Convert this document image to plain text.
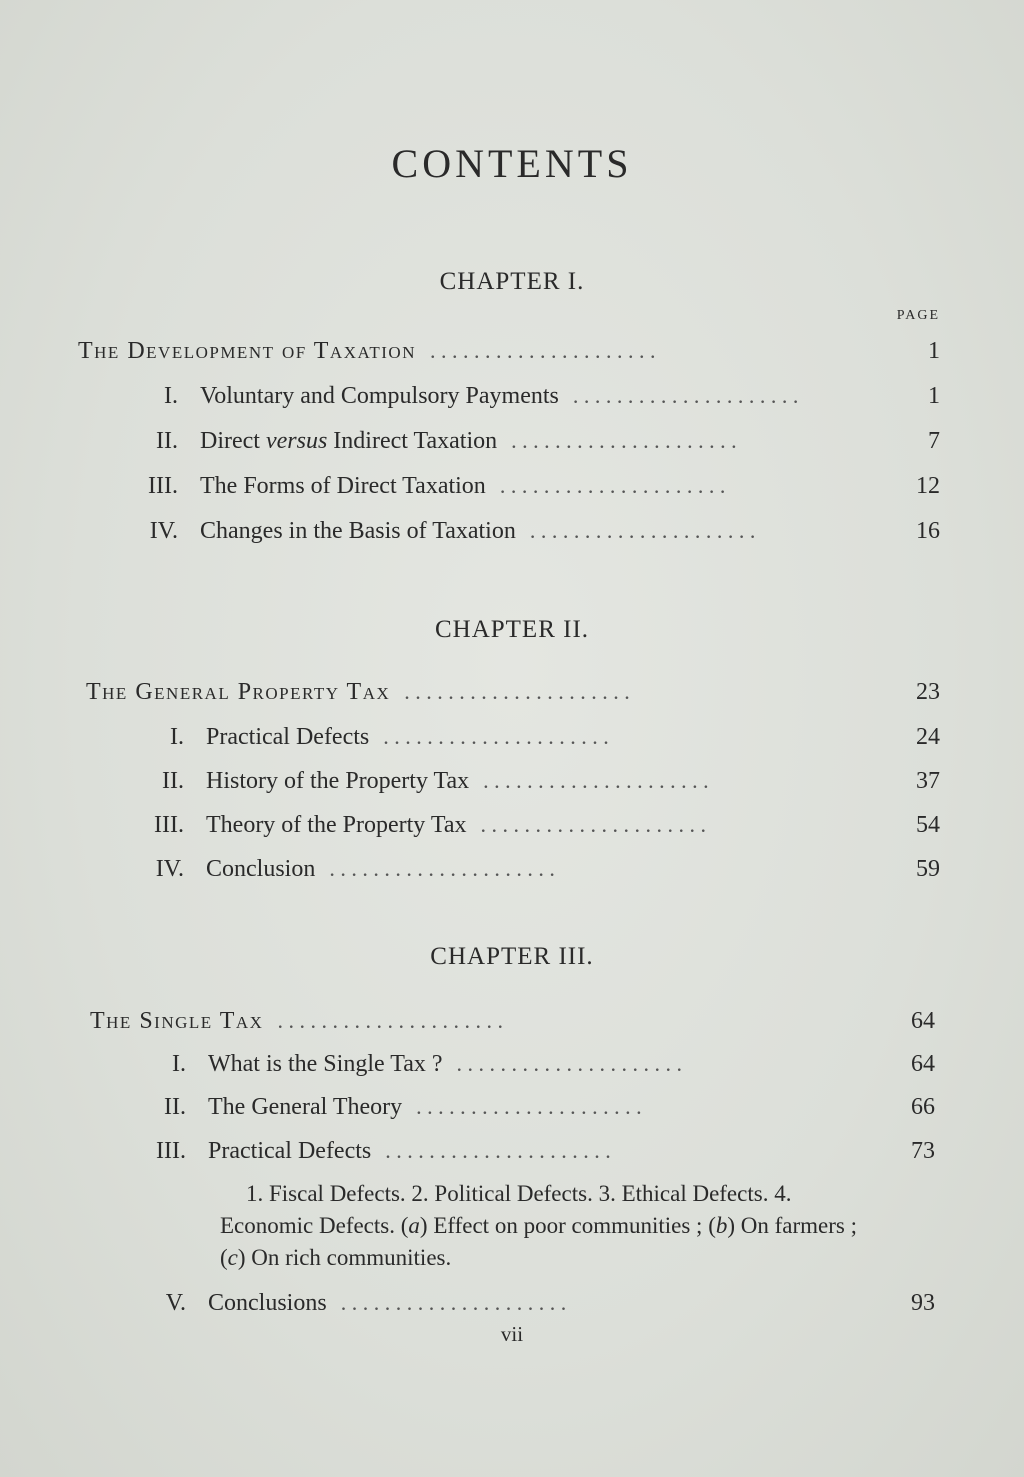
CONTENTS
CHAPTER I.
PAGE
The Development of Taxation .	1
I. Voluntary and Compulsory Payments .	1
II. Direct versus Indirect Taxation .	7
III. The Forms of Direct Taxation .	12
IV. Changes in the Basis of Taxation .	16
CHAPTER II.
The General Property Tax .	23
I. Practical Defects .	24
II. History of the Property Tax .	37
III. Theory of the Property Tax .	54
IV. Conclusion .	59
CHAPTER III.
The Single Tax .	64
I. What is the Single Tax ? .	64
II. The General Theory .	66
III. Practical Defects .	73
1. Fiscal Defects. 2. Political Defects. 3. Ethical Defects. 4. Economic Defects. (a) Effect on poor communities ; (b) On farmers ; (c) On rich communities.
V. Conclusions .	93
vii
